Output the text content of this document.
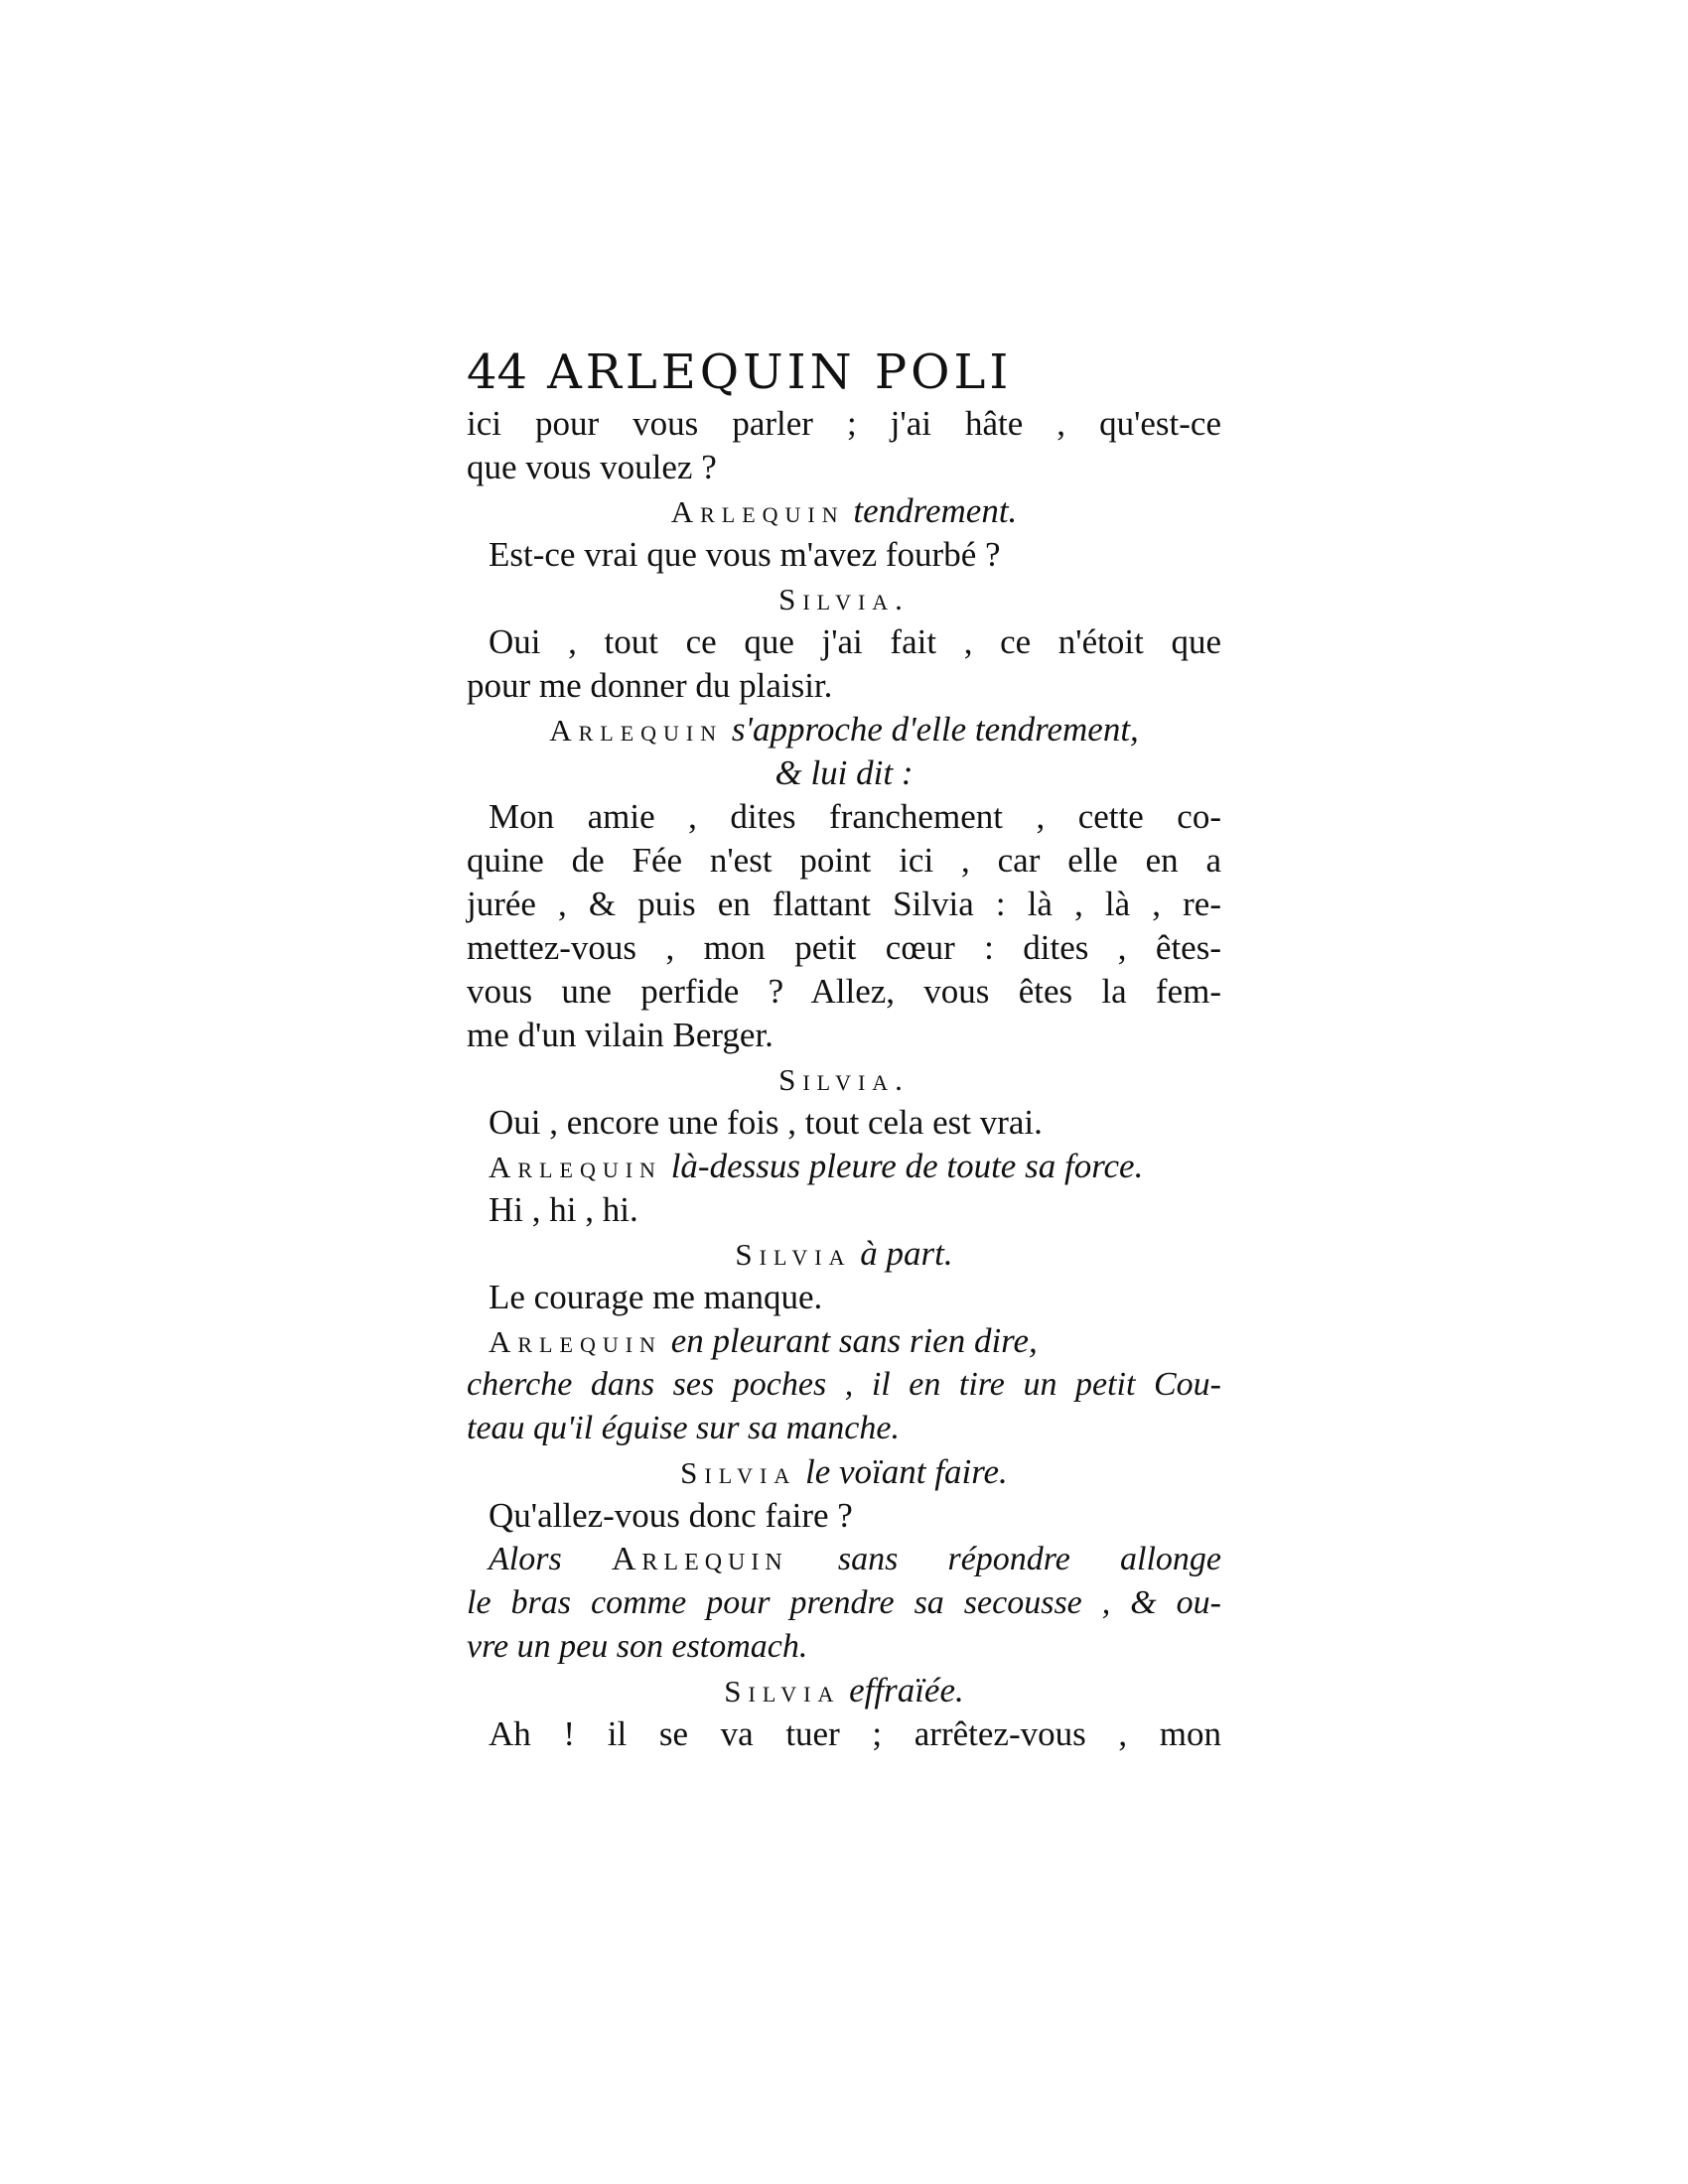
44 ARLEQUIN POLI
ici pour vous parler ; j'ai hâte , qu'est-ce
que vous voulez ?
Arlequin tendrement.
Est-ce vrai que vous m'avez fourbé ?
Silvia.
Oui , tout ce que j'ai fait , ce n'étoit que
pour me donner du plaisir.
Arlequin s'approche d'elle tendrement,
& lui dit :
Mon amie , dites franchement , cette co-
quine de Fée n'est point ici , car elle en a
jurée , & puis en flattant Silvia : là , là , re-
mettez-vous , mon petit cœur : dites , êtes-
vous une perfide ? Allez, vous êtes la fem-
me d'un vilain Berger.
Silvia.
Oui , encore une fois , tout cela est vrai.
Arlequin là-dessus pleure de toute sa force.
Hi , hi , hi.
Silvia à part.
Le courage me manque.
Arlequin en pleurant sans rien dire,
cherche dans ses poches , il en tire un petit Cou-
teau qu'il éguise sur sa manche.
Silvia le voïant faire.
Qu'allez-vous donc faire ?
Alors Arlequin sans répondre allonge
le bras comme pour prendre sa secousse , & ou-
vre un peu son estomach.
Silvia effraïée.
Ah ! il se va tuer ; arrêtez-vous , mon
